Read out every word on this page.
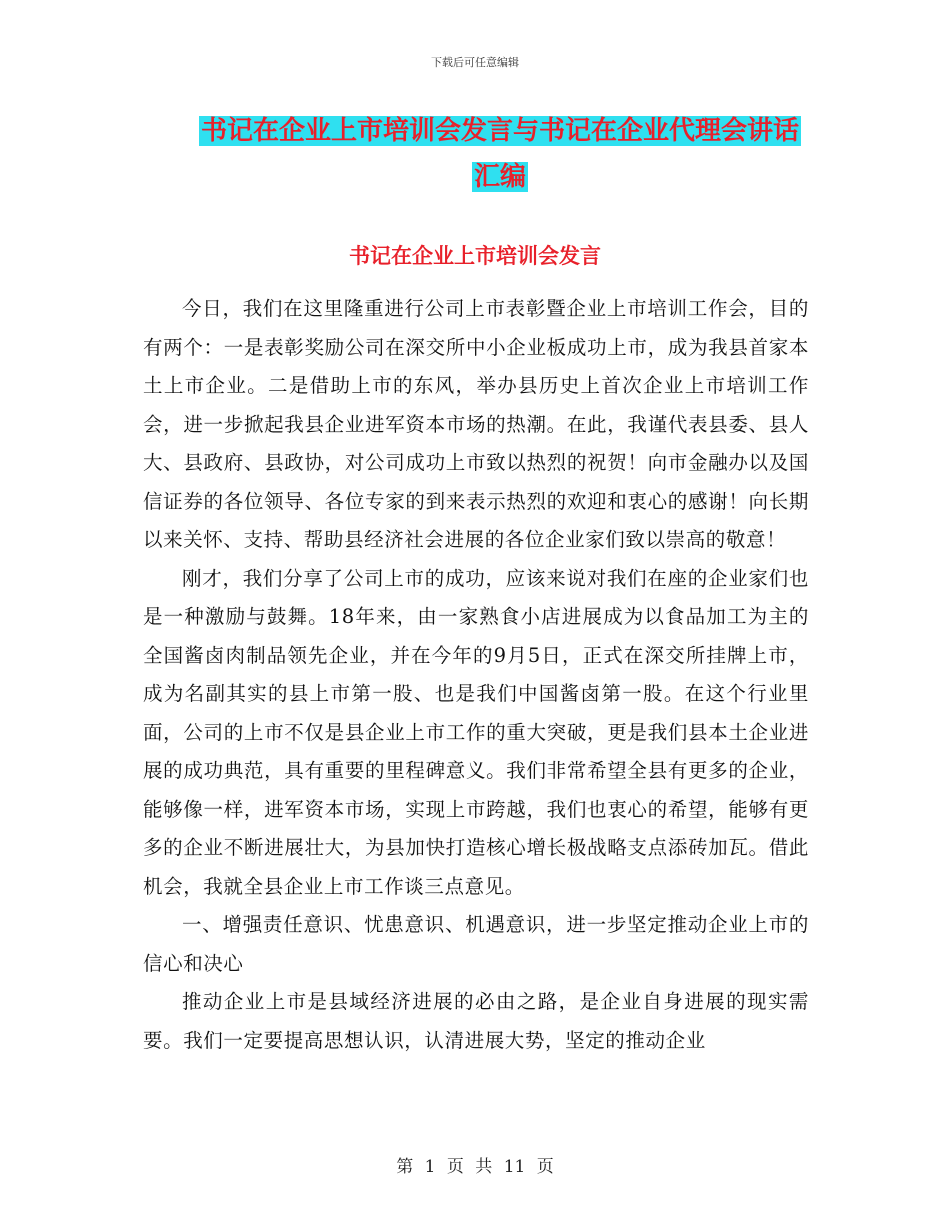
下载后可任意编辑
书记在企业上市培训会发言与书记在企业代理会讲话
汇编
书记在企业上市培训会发言

今日，我们在这里隆重进行公司上市表彰暨企业上市培训工作会，目的有两个：一是表彰奖励公司在深交所中小企业板成功上市，成为我县首家本土上市企业。二是借助上市的东风，举办县历史上首次企业上市培训工作会，进一步掀起我县企业进军资本市场的热潮。在此，我谨代表县委、县人大、县政府、县政协，对公司成功上市致以热烈的祝贺！向市金融办以及国信证券的各位领导、各位专家的到来表示热烈的欢迎和衷心的感谢！向长期以来关怀、支持、帮助县经济社会进展的各位企业家们致以崇高的敬意！

刚才，我们分享了公司上市的成功，应该来说对我们在座的企业家们也是一种激励与鼓舞。18年来，由一家熟食小店进展成为以食品加工为主的全国酱卤肉制品领先企业，并在今年的9月5日，正式在深交所挂牌上市，成为名副其实的县上市第一股、也是我们中国酱卤第一股。在这个行业里面，公司的上市不仅是县企业上市工作的重大突破，更是我们县本土企业进展的成功典范，具有重要的里程碑意义。我们非常希望全县有更多的企业，能够像一样，进军资本市场，实现上市跨越，我们也衷心的希望，能够有更多的企业不断进展壮大，为县加快打造核心增长极战略支点添砖加瓦。借此机会，我就全县企业上市工作谈三点意见。

一、增强责任意识、忧患意识、机遇意识，进一步坚定推动企业上市的信心和决心

推动企业上市是县域经济进展的必由之路，是企业自身进展的现实需要。我们一定要提高思想认识，认清进展大势，坚定的推动企业

第 1 页 共 11 页
